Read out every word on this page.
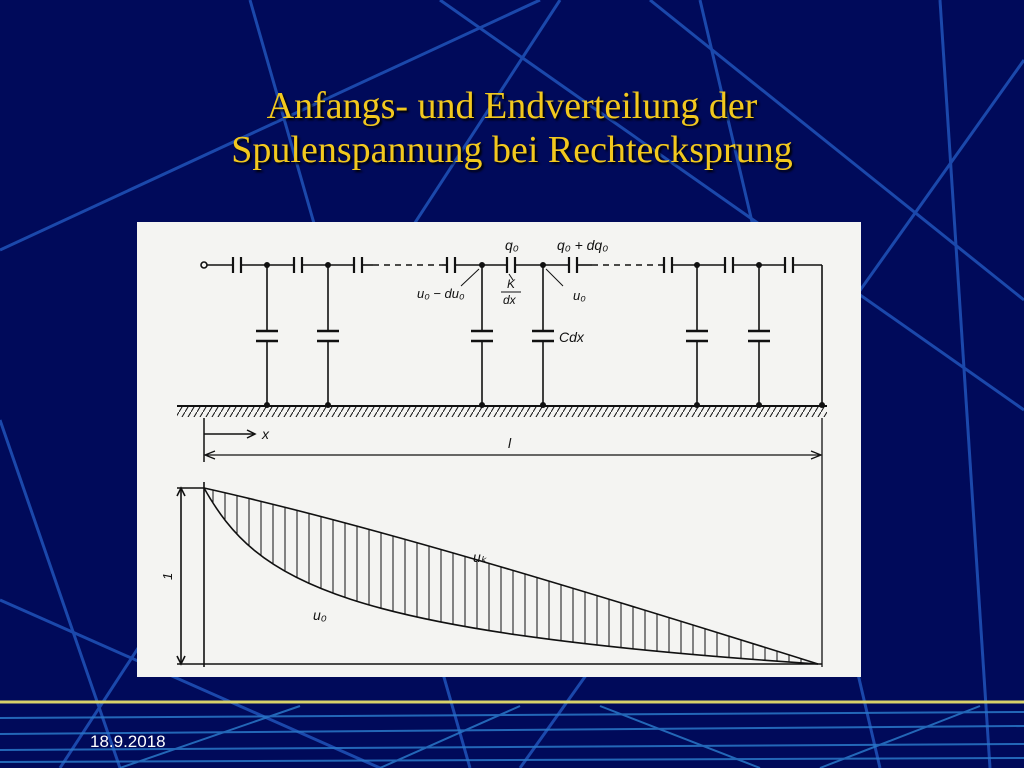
Anfangs- und Endverteilung der
Spulenspannung bei Rechtecksprung
q₀	q₀ + dq₀
u₀ − du₀
K
dx	u₀
Cdx
x
l
1
uₖ
u₀
18.9.2018
